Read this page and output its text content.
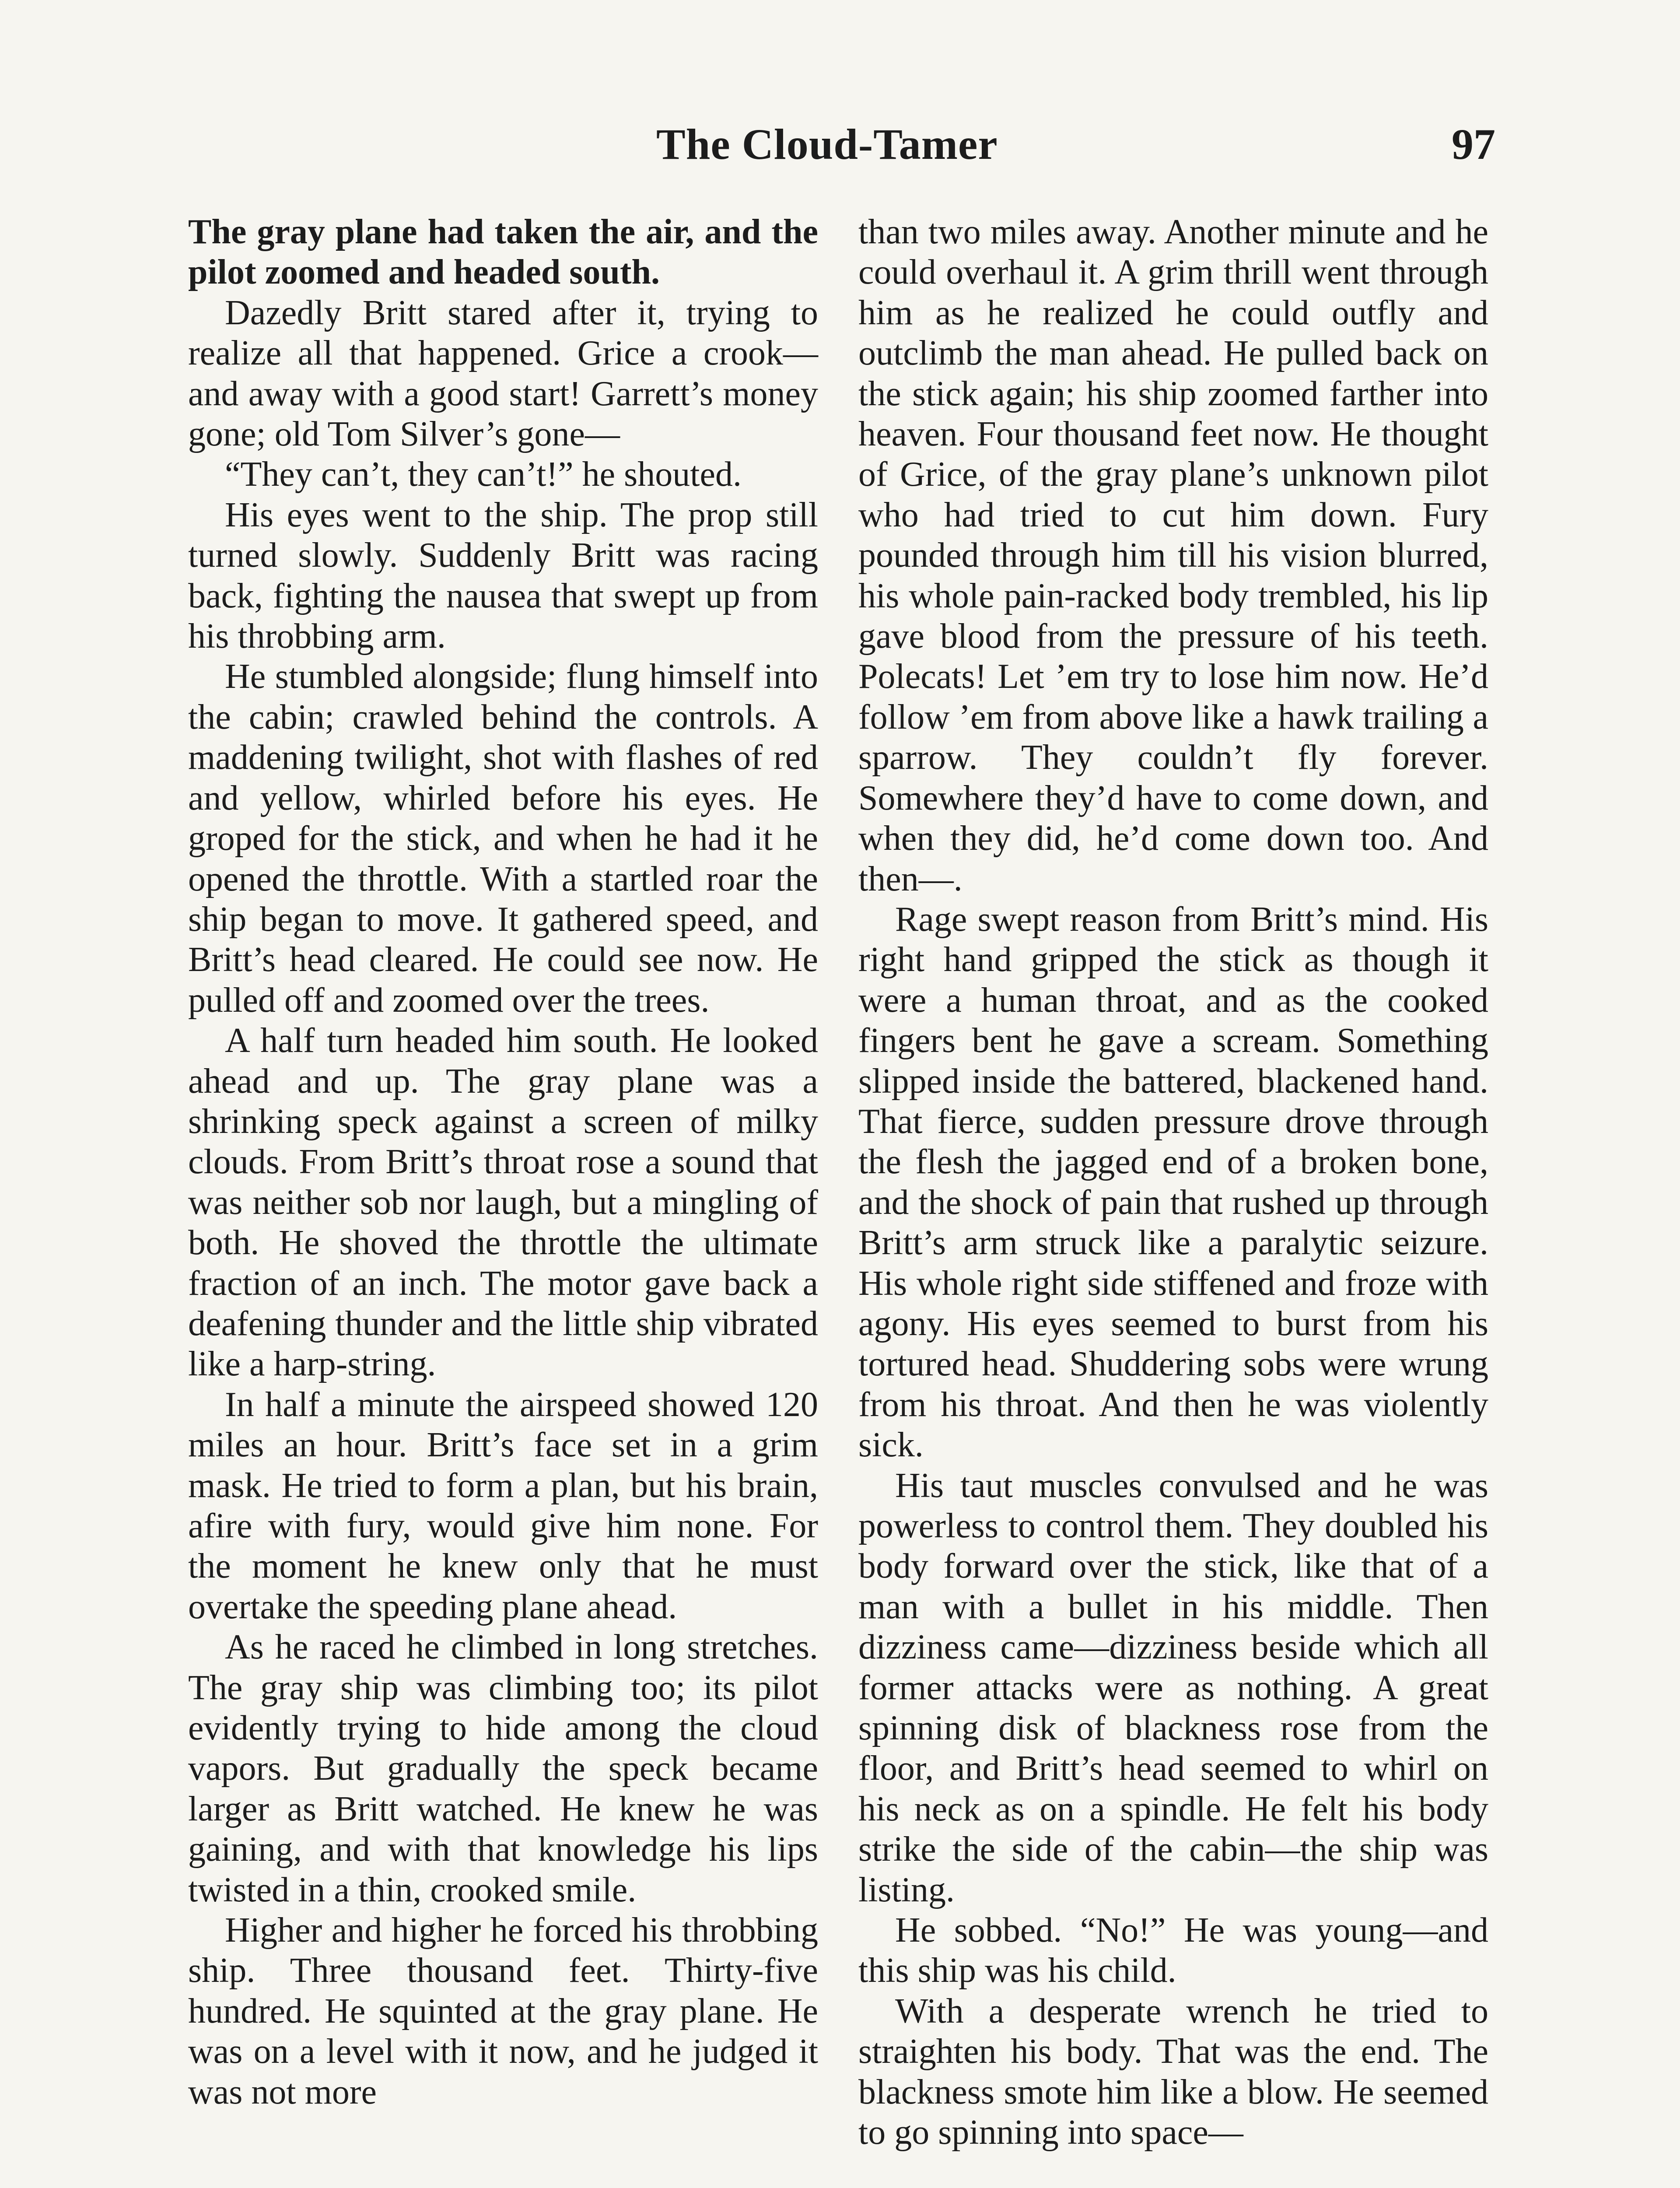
The Cloud-Tamer	97

The gray plane had taken the air, and the pilot zoomed and headed south.

Dazedly Britt stared after it, trying to realize all that happened. Grice a crook—and away with a good start! Garrett’s money gone; old Tom Silver’s gone—

“They can’t, they can’t!” he shouted.

His eyes went to the ship. The prop still turned slowly. Suddenly Britt was racing back, fighting the nausea that swept up from his throbbing arm.

He stumbled alongside; flung himself into the cabin; crawled behind the controls. A maddening twilight, shot with flashes of red and yellow, whirled before his eyes. He groped for the stick, and when he had it he opened the throttle. With a startled roar the ship began to move. It gathered speed, and Britt’s head cleared. He could see now. He pulled off and zoomed over the trees.

A half turn headed him south. He looked ahead and up. The gray plane was a shrinking speck against a screen of milky clouds. From Britt’s throat rose a sound that was neither sob nor laugh, but a mingling of both. He shoved the throttle the ultimate fraction of an inch. The motor gave back a deafening thunder and the little ship vibrated like a harp-string.

In half a minute the airspeed showed 120 miles an hour. Britt’s face set in a grim mask. He tried to form a plan, but his brain, afire with fury, would give him none. For the moment he knew only that he must overtake the speeding plane ahead.

As he raced he climbed in long stretches. The gray ship was climbing too; its pilot evidently trying to hide among the cloud vapors. But gradually the speck became larger as Britt watched. He knew he was gaining, and with that knowledge his lips twisted in a thin, crooked smile.

Higher and higher he forced his throbbing ship. Three thousand feet. Thirty-five hundred. He squinted at the gray plane. He was on a level with it now, and he judged it was not more

than two miles away. Another minute and he could overhaul it. A grim thrill went through him as he realized he could outfly and outclimb the man ahead. He pulled back on the stick again; his ship zoomed farther into heaven. Four thousand feet now. He thought of Grice, of the gray plane’s unknown pilot who had tried to cut him down. Fury pounded through him till his vision blurred, his whole pain-racked body trembled, his lip gave blood from the pressure of his teeth. Polecats! Let ’em try to lose him now. He’d follow ’em from above like a hawk trailing a sparrow. They couldn’t fly forever. Somewhere they’d have to come down, and when they did, he’d come down too. And then—.

Rage swept reason from Britt’s mind. His right hand gripped the stick as though it were a human throat, and as the cooked fingers bent he gave a scream. Something slipped inside the battered, blackened hand. That fierce, sudden pressure drove through the flesh the jagged end of a broken bone, and the shock of pain that rushed up through Britt’s arm struck like a paralytic seizure. His whole right side stiffened and froze with agony. His eyes seemed to burst from his tortured head. Shuddering sobs were wrung from his throat. And then he was violently sick.

His taut muscles convulsed and he was powerless to control them. They doubled his body forward over the stick, like that of a man with a bullet in his middle. Then dizziness came—dizziness beside which all former attacks were as nothing. A great spinning disk of blackness rose from the floor, and Britt’s head seemed to whirl on his neck as on a spindle. He felt his body strike the side of the cabin—the ship was listing.

He sobbed. “No!” He was young—and this ship was his child.

With a desperate wrench he tried to straighten his body. That was the end. The blackness smote him like a blow. He seemed to go spinning into space—
